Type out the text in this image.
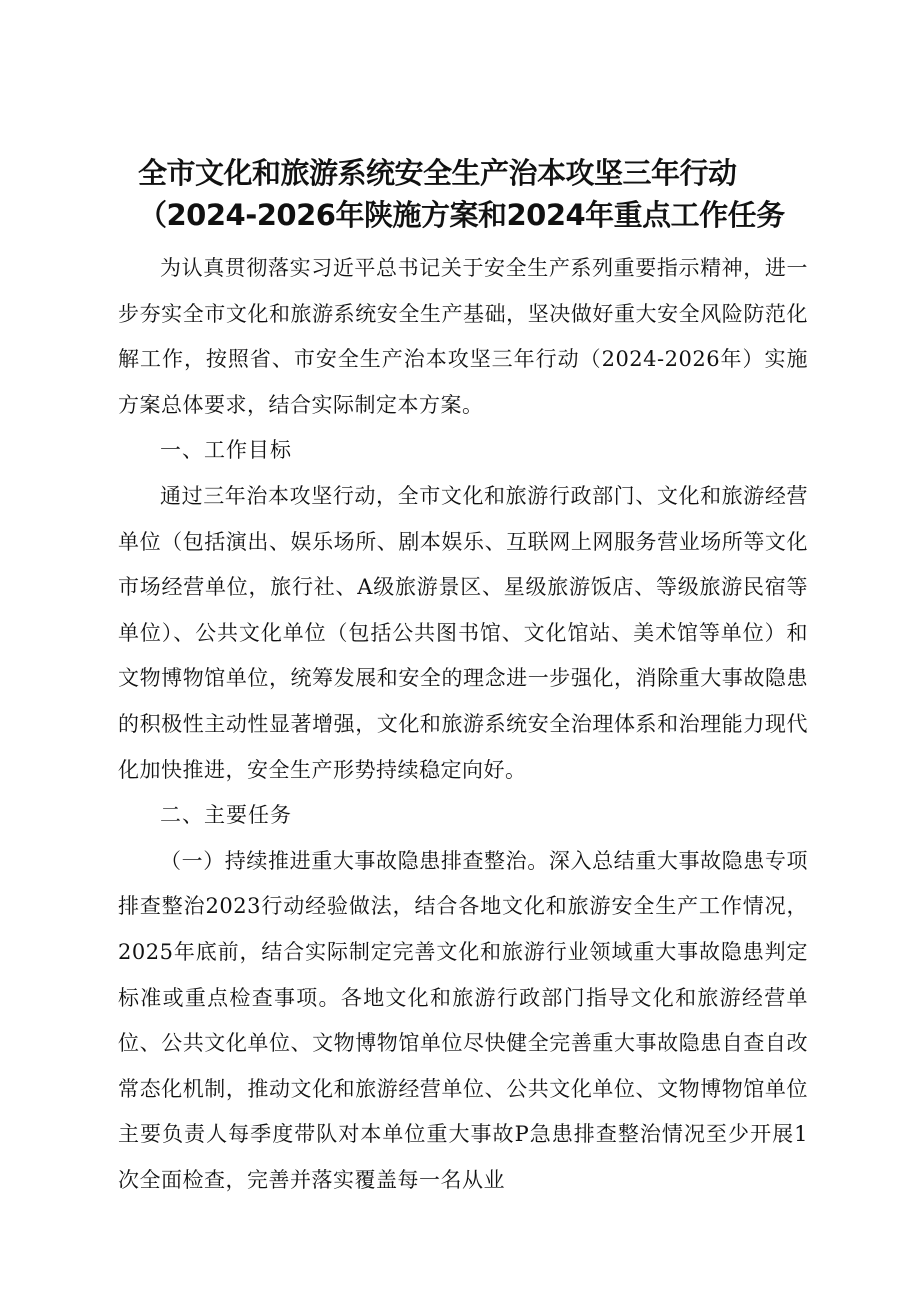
全市文化和旅游系统安全生产治本攻坚三年行动
（2024-2026年陕施方案和2024年重点工作任务

为认真贯彻落实习近平总书记关于安全生产系列重要指示精神，进一步夯实全市文化和旅游系统安全生产基础，坚决做好重大安全风险防范化解工作，按照省、市安全生产治本攻坚三年行动（2024-2026年）实施方案总体要求，结合实际制定本方案。

一、工作目标

通过三年治本攻坚行动，全市文化和旅游行政部门、文化和旅游经营单位（包括演出、娱乐场所、剧本娱乐、互联网上网服务营业场所等文化市场经营单位，旅行社、A级旅游景区、星级旅游饭店、等级旅游民宿等单位）、公共文化单位（包括公共图书馆、文化馆站、美术馆等单位）和文物博物馆单位，统筹发展和安全的理念进一步强化，消除重大事故隐患的积极性主动性显著增强，文化和旅游系统安全治理体系和治理能力现代化加快推进，安全生产形势持续稳定向好。

二、主要任务

（一）持续推进重大事故隐患排查整治。深入总结重大事故隐患专项排查整治2023行动经验做法，结合各地文化和旅游安全生产工作情况，2025年底前，结合实际制定完善文化和旅游行业领域重大事故隐患判定标准或重点检查事项。各地文化和旅游行政部门指导文化和旅游经营单位、公共文化单位、文物博物馆单位尽快健全完善重大事故隐患自查自改常态化机制，推动文化和旅游经营单位、公共文化单位、文物博物馆单位主要负责人每季度带队对本单位重大事故P急患排查整治情况至少开展1次全面检查，完善并落实覆盖每一名从业
